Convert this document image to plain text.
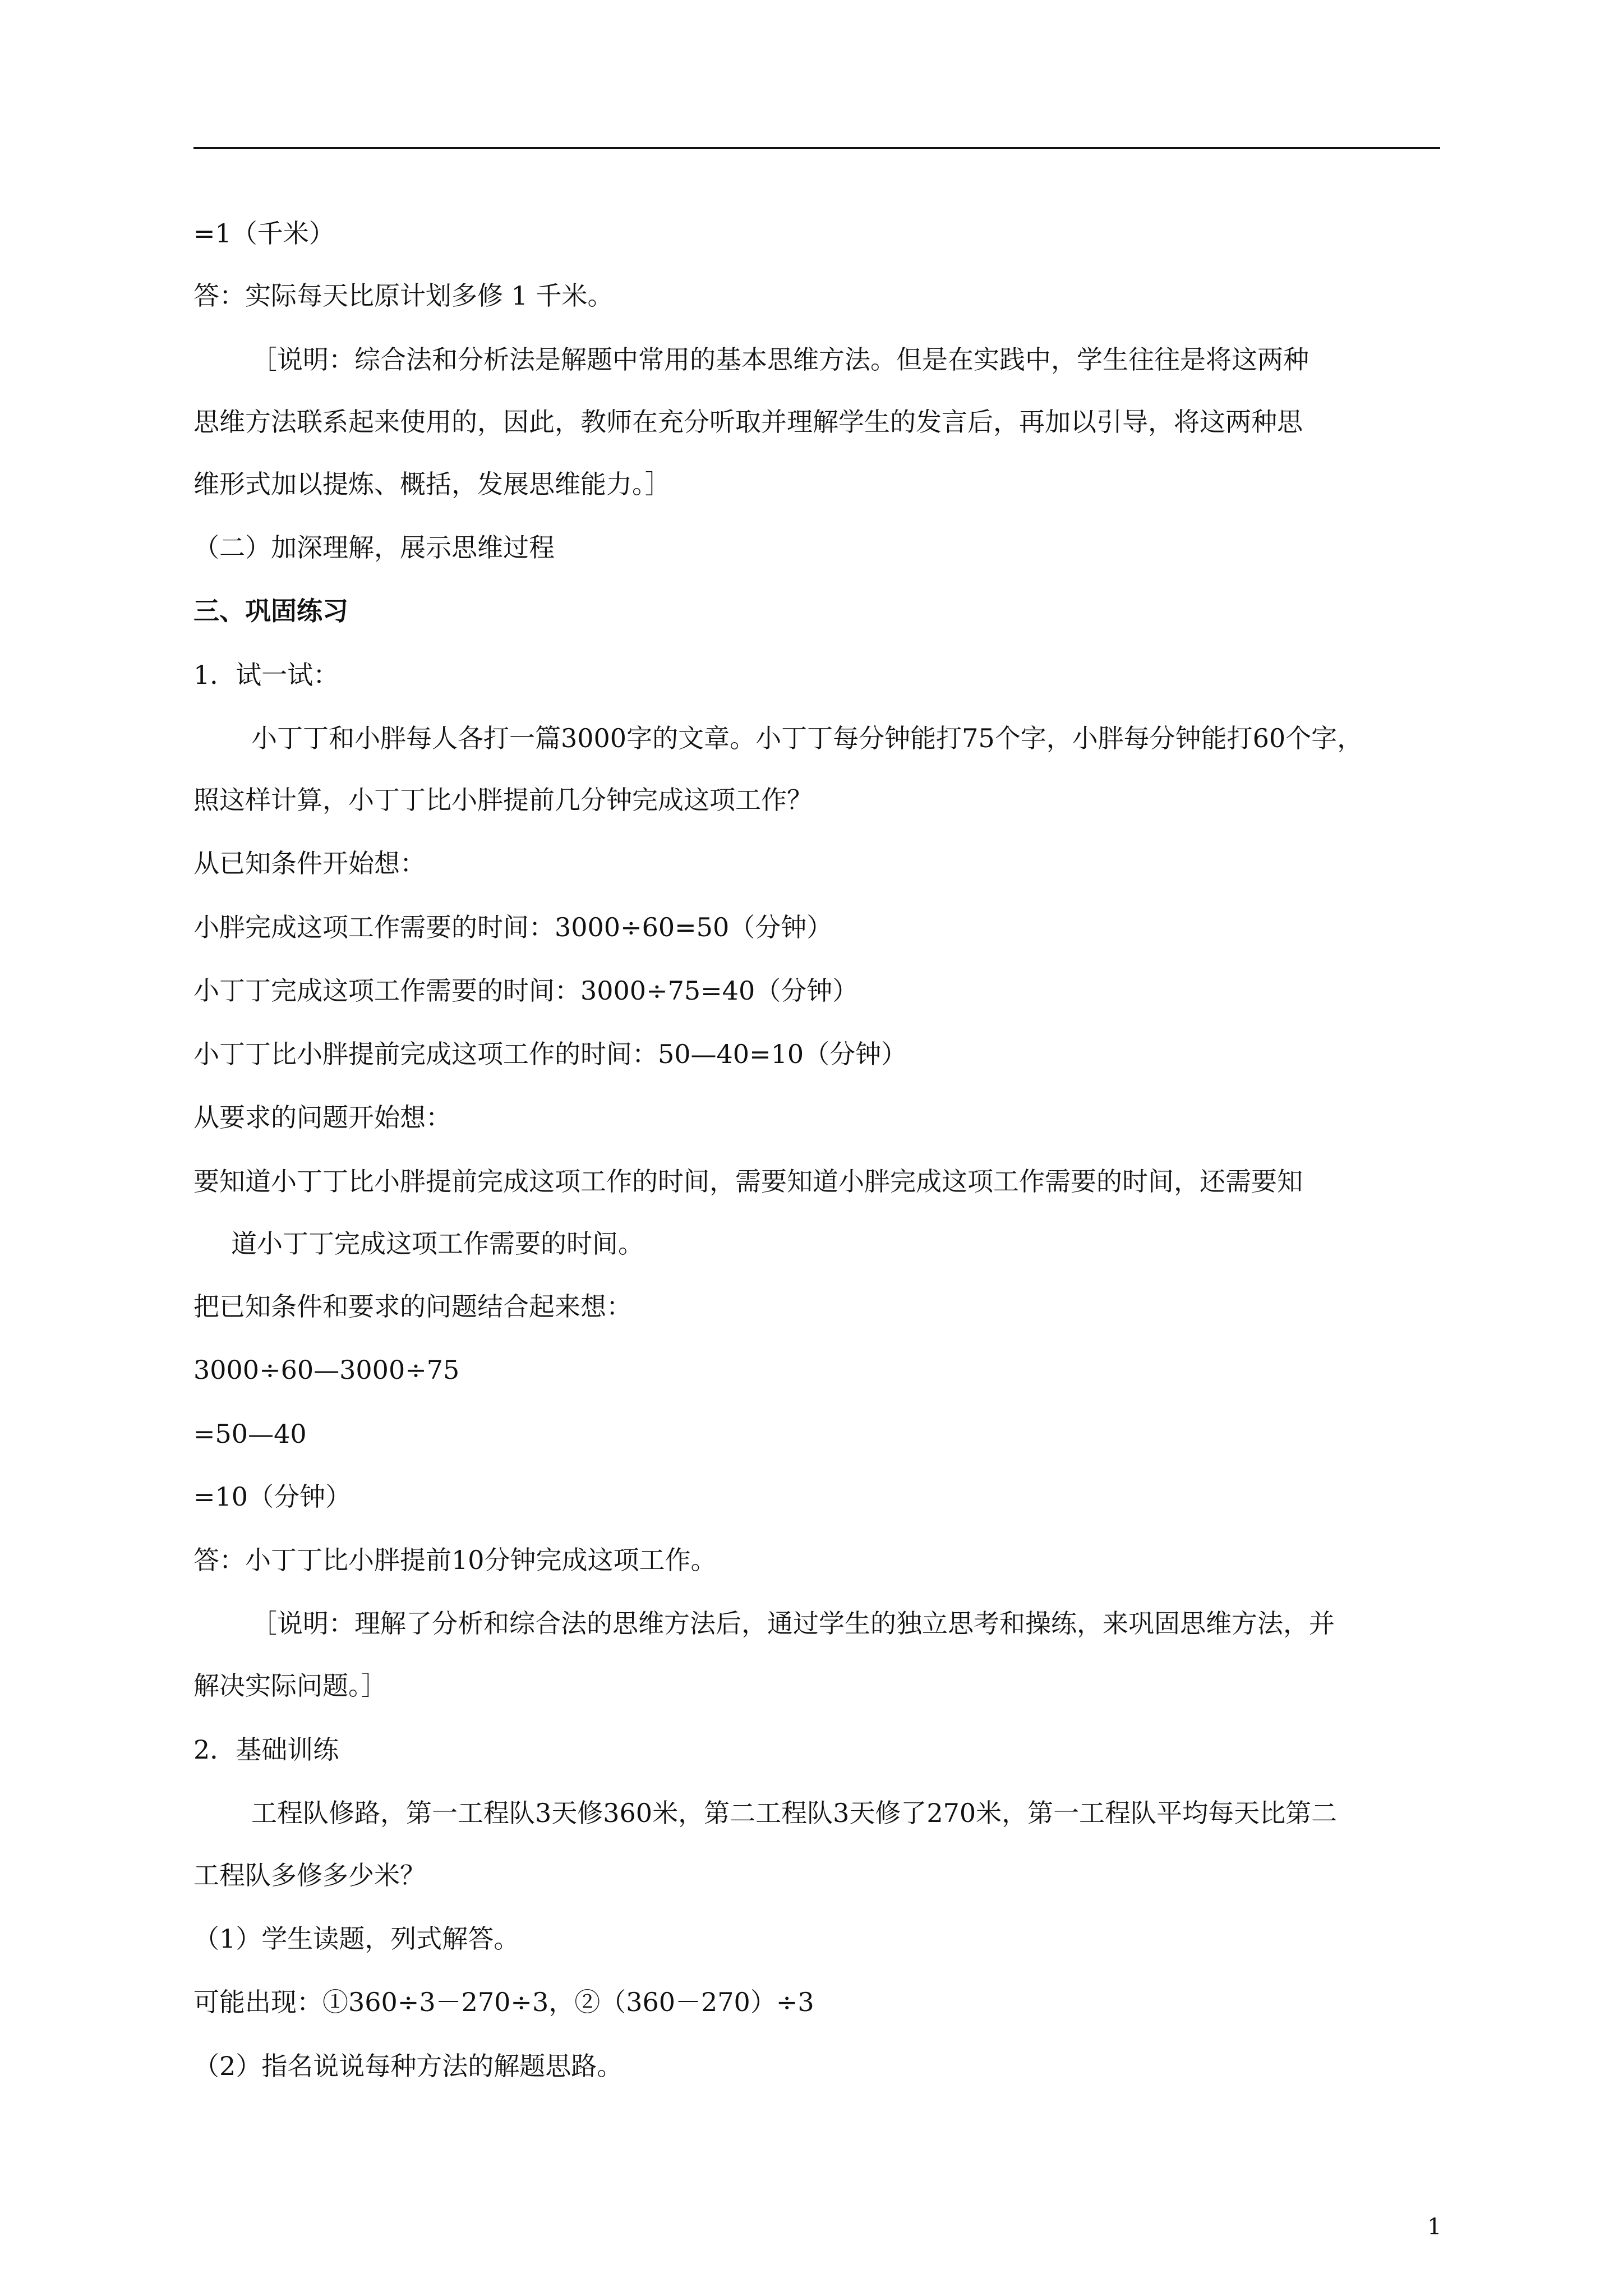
=1（千米）
答：实际每天比原计划多修 1 千米。
［说明：综合法和分析法是解题中常用的基本思维方法。但是在实践中，学生往往是将这两种
思维方法联系起来使用的，因此，教师在充分听取并理解学生的发言后，再加以引导，将这两种思
维形式加以提炼、概括，发展思维能力。］
（二）加深理解，展示思维过程
三、巩固练习
1．试一试：
小丁丁和小胖每人各打一篇3000字的文章。小丁丁每分钟能打75个字，小胖每分钟能打60个字，
照这样计算，小丁丁比小胖提前几分钟完成这项工作？
从已知条件开始想：
小胖完成这项工作需要的时间：3000÷60=50（分钟）
小丁丁完成这项工作需要的时间：3000÷75=40（分钟）
小丁丁比小胖提前完成这项工作的时间：50—40=10（分钟）
从要求的问题开始想：
要知道小丁丁比小胖提前完成这项工作的时间，需要知道小胖完成这项工作需要的时间，还需要知
道小丁丁完成这项工作需要的时间。
把已知条件和要求的问题结合起来想：
3000÷60—3000÷75
=50—40
=10（分钟）
答：小丁丁比小胖提前10分钟完成这项工作。
［说明：理解了分析和综合法的思维方法后，通过学生的独立思考和操练，来巩固思维方法，并
解决实际问题。］
2．基础训练
工程队修路，第一工程队3天修360米，第二工程队3天修了270米，第一工程队平均每天比第二
工程队多修多少米？
（1）学生读题，列式解答。
可能出现：①360÷3－270÷3，②（360－270）÷3
（2）指名说说每种方法的解题思路。
1
